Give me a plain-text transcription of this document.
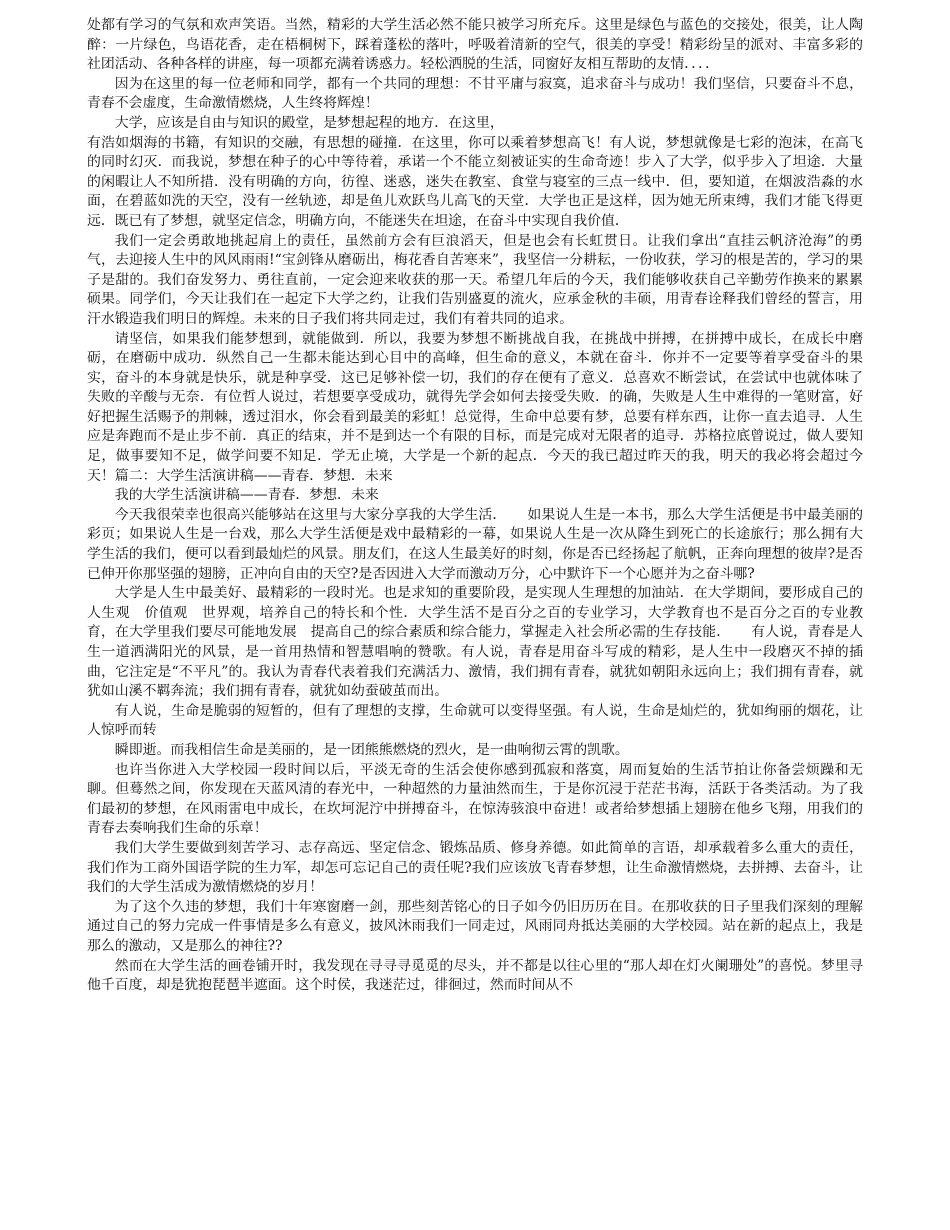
处都有学习的气氛和欢声笑语。当然，精彩的大学生活必然不能只被学习所充斥。这里是绿色与蓝色的交接处，很美，让人陶醉：一片绿色，鸟语花香，走在梧桐树下，踩着蓬松的落叶，呼吸着清新的空气，很美的享受！精彩纷呈的派对、丰富多彩的社团活动、各种各样的讲座，每一项都充满着诱惑力。轻松洒脱的生活，同窗好友相互帮助的友情．．．．

因为在这里的每一位老师和同学，都有一个共同的理想：不甘平庸与寂寞，追求奋斗与成功！我们坚信，只要奋斗不息，青春不会虚度，生命激情燃烧，人生终将辉煌！

大学，应该是自由与知识的殿堂，是梦想起程的地方．在这里，

有浩如烟海的书籍，有知识的交融，有思想的碰撞．在这里，你可以乘着梦想高飞！有人说，梦想就像是七彩的泡沫，在高飞的同时幻灭．而我说，梦想在种子的心中等待着，承诺一个不能立刻被证实的生命奇迹！步入了大学，似乎步入了坦途．大量的闲暇让人不知所措．没有明确的方向，彷徨、迷惑，迷失在教室、食堂与寝室的三点一线中．但，要知道，在烟波浩淼的水面，在碧蓝如洗的天空，没有一丝轨迹，却是鱼儿欢跃鸟儿高飞的天堂．大学也正是这样，因为她无所束缚，我们才能飞得更远．既已有了梦想，就坚定信念，明确方向，不能迷失在坦途，在奋斗中实现自我价值．

我们一定会勇敢地挑起肩上的责任，虽然前方会有巨浪滔天，但是也会有长虹贯日。让我们拿出“直挂云帆济沧海”的勇气，去迎接人生中的风风雨雨!“宝剑锋从磨砺出，梅花香自苦寒来”，我坚信一分耕耘，一份收获，学习的根是苦的，学习的果子是甜的。我们奋发努力、勇往直前，一定会迎来收获的那一天。希望几年后的今天，我们能够收获自己辛勤劳作换来的累累硕果。同学们，今天让我们在一起定下大学之约，让我们告别盛夏的流火，应承金秋的丰硕，用青春诠释我们曾经的誓言，用汗水锻造我们明日的辉煌。未来的日子我们将共同走过，我们有着共同的追求。

请坚信，如果我们能梦想到，就能做到．所以，我要为梦想不断挑战自我，在挑战中拼搏，在拼搏中成长，在成长中磨砺，在磨砺中成功．纵然自己一生都未能达到心目中的高峰，但生命的意义，本就在奋斗．你并不一定要等着享受奋斗的果实，奋斗的本身就是快乐，就是种享受．这已足够补偿一切，我们的存在便有了意义．总喜欢不断尝试，在尝试中也就体味了失败的辛酸与无奈．有位哲人说过，若想要享受成功，就得先学会如何去接受失败．的确，失败是人生中难得的一笔财富，好好把握生活赐予的荆棘，透过泪水，你会看到最美的彩虹！总觉得，生命中总要有梦，总要有样东西，让你一直去追寻．人生应是奔跑而不是止步不前．真正的结束，并不是到达一个有限的目标，而是完成对无限者的追寻．苏格拉底曾说过，做人要知足，做事要知不足，做学问要不知足．学无止境，大学是一个新的起点．今天的我已超过昨天的我，明天的我必将会超过今天！篇二：大学生活演讲稿——青春．梦想．未来

我的大学生活演讲稿——青春．梦想．未来

今天我很荣幸也很高兴能够站在这里与大家分享我的大学生活．　　如果说人生是一本书，那么大学生活便是书中最美丽的彩页；如果说人生是一台戏，那么大学生活便是戏中最精彩的一幕，如果说人生是一次从降生到死亡的长途旅行；那么拥有大学生活的我们，便可以看到最灿烂的风景。朋友们，在这人生最美好的时刻，你是否已经扬起了航帆，正奔向理想的彼岸?是否已伸开你那坚强的翅膀，正冲向自由的天空?是否因进入大学而激动万分，心中默许下一个心愿并为之奋斗哪?

大学是人生中最美好、最精彩的一段时光。也是求知的重要阶段，是实现人生理想的加油站．在大学期间，要形成自己的人生观　价值观　世界观，培养自己的特长和个性．大学生活不是百分之百的专业学习，大学教育也不是百分之百的专业教育，在大学里我们要尽可能地发展　提高自己的综合素质和综合能力，掌握走入社会所必需的生存技能．　　有人说，青春是人生一道洒满阳光的风景，是一首用热情和智慧唱响的赞歌。有人说，青春是用奋斗写成的精彩，是人生中一段磨灭不掉的插曲，它注定是“不平凡”的。我认为青春代表着我们充满活力、激情，我们拥有青春，就犹如朝阳永远向上；我们拥有青春，就犹如山溪不羁奔流；我们拥有青春，就犹如幼蚕破茧而出。

有人说，生命是脆弱的短暂的，但有了理想的支撑，生命就可以变得坚强。有人说，生命是灿烂的，犹如绚丽的烟花，让人惊呼而转

瞬即逝。而我相信生命是美丽的，是一团熊熊燃烧的烈火，是一曲响彻云霄的凯歌。

也许当你进入大学校园一段时间以后，平淡无奇的生活会使你感到孤寂和落寞，周而复始的生活节拍让你备尝烦躁和无聊。但蓦然之间，你发现在天蓝风清的春光中，一种超然的力量油然而生，于是你沉浸于茫茫书海，活跃于各类活动。为了我们最初的梦想，在风雨雷电中成长，在坎坷泥泞中拼搏奋斗，在惊涛骇浪中奋进！或者给梦想插上翅膀在他乡飞翔，用我们的青春去奏响我们生命的乐章！

我们大学生要做到刻苦学习、志存高远、坚定信念、锻炼品质、修身养德。如此简单的言语，却承载着多么重大的责任，我们作为工商外国语学院的生力军，却怎可忘记自己的责任呢?我们应该放飞青春梦想，让生命激情燃烧，去拼搏、去奋斗，让我们的大学生活成为激情燃烧的岁月！

为了这个久违的梦想，我们十年寒窗磨一剑，那些刻苦铭心的日子如今仍旧历历在目。在那收获的日子里我们深刻的理解通过自己的努力完成一件事情是多么有意义，披风沐雨我们一同走过，风雨同舟抵达美丽的大学校园。站在新的起点上，我是那么的激动，又是那么的神往??

然而在大学生活的画卷铺开时，我发现在寻寻寻觅觅的尽头，并不都是以往心里的“那人却在灯火阑珊处”的喜悦。梦里寻他千百度，却是犹抱琵琶半遮面。这个时侯，我迷茫过，徘徊过，然而时间从不
